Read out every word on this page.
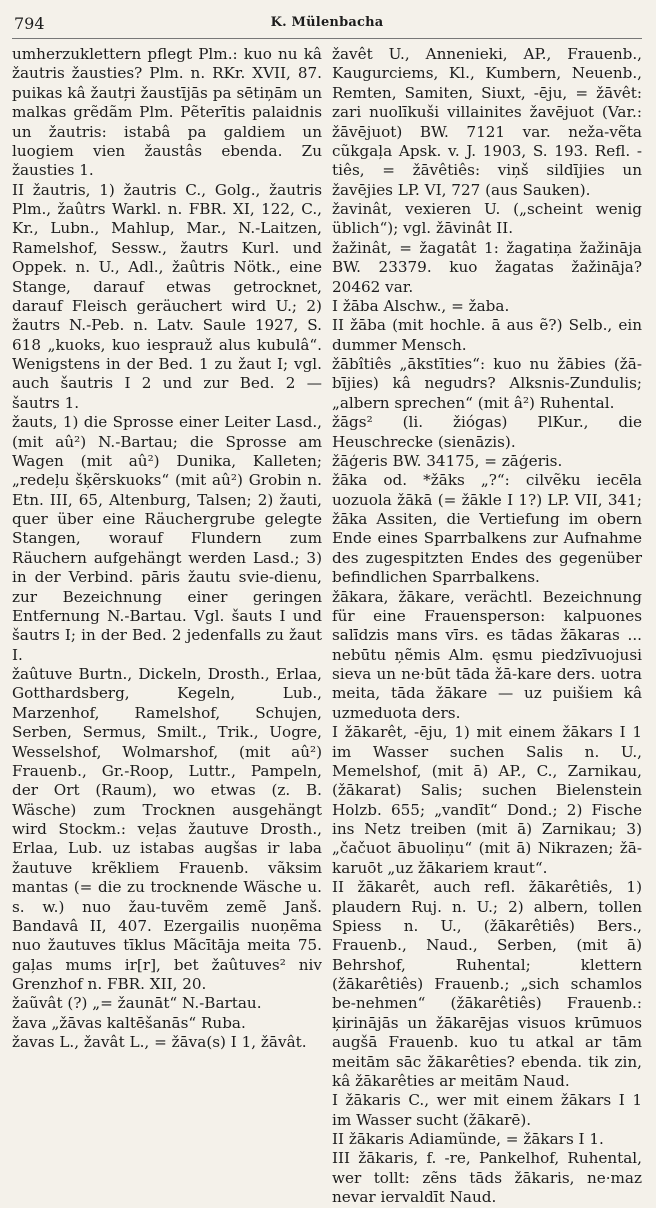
794	K. Mülenbacha

umherzuklettern pflegt Plm.: kuo nu kâ žautris žausties? Plm. n. RKr. XVII, 87. puikas kâ žautŗi žaustījās pa sētiņām un malkas grẽdãm Plm. Pẽterītis palaidnis un žautris: istabâ pa galdiem un luogiem vien žaustâs ebenda. Zu žausties 1.

II žautris, 1) žautris C., Golg., žautris Plm., žaûtrs Warkl. n. FBR. XI, 122, C., Kr., Lubn., Mahlup, Mar., N.-Laitzen, Ramelshof, Sessw., žautrs Kurl. und Oppek. n. U., Adl., žaûtris Nötk., eine Stange, darauf etwas getrocknet, darauf Fleisch geräuchert wird U.; 2) žautrs N.-Peb. n. Latv. Saule 1927, S. 618 „kuoks, kuo iesprauž alus kubulâ“. Wenigstens in der Bed. 1 zu žaut I; vgl. auch šautris I 2 und zur Bed. 2 — šautrs 1.

žauts, 1) die Sprosse einer Leiter Lasd., (mit aû²) N.-Bartau; die Sprosse am Wagen (mit aû²) Dunika, Kalleten; „redeļu šķẽrskuoks“ (mit aû²) Grobin n. Etn. III, 65, Altenburg, Talsen; 2) žauti, quer über eine Räuchergrube gelegte Stangen, worauf Flundern zum Räuchern aufgehängt werden Lasd.; 3) in der Verbind. pāris žautu svie-dienu, zur Bezeichnung einer geringen Entfernung N.-Bartau. Vgl. šauts I und šautrs I; in der Bed. 2 jedenfalls zu žaut I.

žaûtuve Burtn., Dickeln, Drosth., Erlaa, Gotthardsberg, Kegeln, Lub., Marzenhof, Ramelshof, Schujen, Serben, Sermus, Smilt., Trik., Uogre, Wesselshof, Wolmarshof, (mit aû²) Frauenb., Gr.-Roop, Luttr., Pampeln, der Ort (Raum), wo etwas (z. B. Wäsche) zum Trocknen ausgehängt wird Stockm.: veļas žautuve Drosth., Erlaa, Lub. uz istabas augšas ir laba žautuve krẽkliem Frauenb. vãksim mantas (= die zu trocknende Wäsche u. s. w.) nuo žau-tuvẽm zemẽ Janš. Bandavâ II, 407. Ezergailis nuoņẽma nuo žautuves tīklus Mãcītāja meita 75. gaļas mums ir[r], bet žaûtuves² niv Grenzhof n. FBR. XII, 20.

žaũvât (?) „= žaunāt“ N.-Bartau.

žava „žāvas kaltēšanās“ Ruba.

žavas L., žavât L., = žāva(s) I 1, žāvât.

žavêt U., Annenieki, AP., Frauenb., Kaugurciems, Kl., Kumbern, Neuenb., Remten, Samiten, Siuxt, -ēju, = žāvêt: zari nuolīkuši villainites žavējuot (Var.: žāvējuot) BW. 7121 var. neža-vẽta cũkgaļa Apsk. v. J. 1903, S. 193. Refl. -tiês, = žāvêtiês: viņš sildījies un žavējies LP. VI, 727 (aus Sauken).

žavinât, vexieren U. („scheint wenig üblich“); vgl. žāvinât II.

žažinât, = žagatât 1: žagatiņa žažināja BW. 23379. kuo žagatas žažināja? 20462 var.

I žāba Alschw., = žaba.

II žāba (mit hochle. ā aus ẽ?) Selb., ein dummer Mensch.

žābîtiês „ākstīties“: kuo nu žābies (žā-bījies) kâ negudrs? Alksnis-Zundulis; „albern sprechen“ (mit â²) Ruhental.

žāgs² (li. žiógas) PlKur., die Heuschrecke (sienāzis).

žāģeris BW. 34175, = zāģeris.

žāka od. *žāks „?“: cilvẽku iecēla uozuola žākā (= žākle I 1?) LP. VII, 341; žāka Assiten, die Vertiefung im obern Ende eines Sparrbalkens zur Aufnahme des zugespitzten Endes des gegenüber befindlichen Sparrbalkens.

žākara, žākare, verächtl. Bezeichnung für eine Frauensperson: kalpuones salīdzis mans vīrs. es tādas žākaras ... nebūtu ņẽmis Alm. ęsmu piedzīvuojusi sieva un ne·būt tāda žā-kare ders. uotra meita, tāda žākare — uz puišiem kâ uzmeduota ders.

I žākarêt, -ēju, 1) mit einem žākars I 1 im Wasser suchen Salis n. U., Memelshof, (mit ā) AP., C., Zarnikau, (žākarat) Salis; suchen Bielenstein Holzb. 655; „vandīt“ Dond.; 2) Fische ins Netz treiben (mit ā) Zarnikau; 3) „čačuot ābuoliņu“ (mit ā) Nikrazen; žā-karuōt „uz žākariem kraut“.

II žākarêt, auch refl. žākarêtiês, 1) plaudern Ruj. n. U.; 2) albern, tollen Spiess n. U., (žākarêtiês) Bers., Frauenb., Naud., Serben, (mit ā) Behrshof, Ruhental; klettern (žākarêtiês) Frauenb.; „sich schamlos be-nehmen“ (žākarêtiês) Frauenb.: ķirinājās un žākarējas visuos krūmuos augšā Frauenb. kuo tu atkal ar tām meitām sāc žākarêties? ebenda. tik zin, kâ žākarêties ar meitām Naud.

I žākaris C., wer mit einem žākars I 1 im Wasser sucht (žākarē).

II žākaris Adiamünde, = žākars I 1.

III žākaris, f. -re, Pankelhof, Ruhental, wer tollt: zẽns tāds žākaris, ne·maz nevar iervaldīt Naud.
